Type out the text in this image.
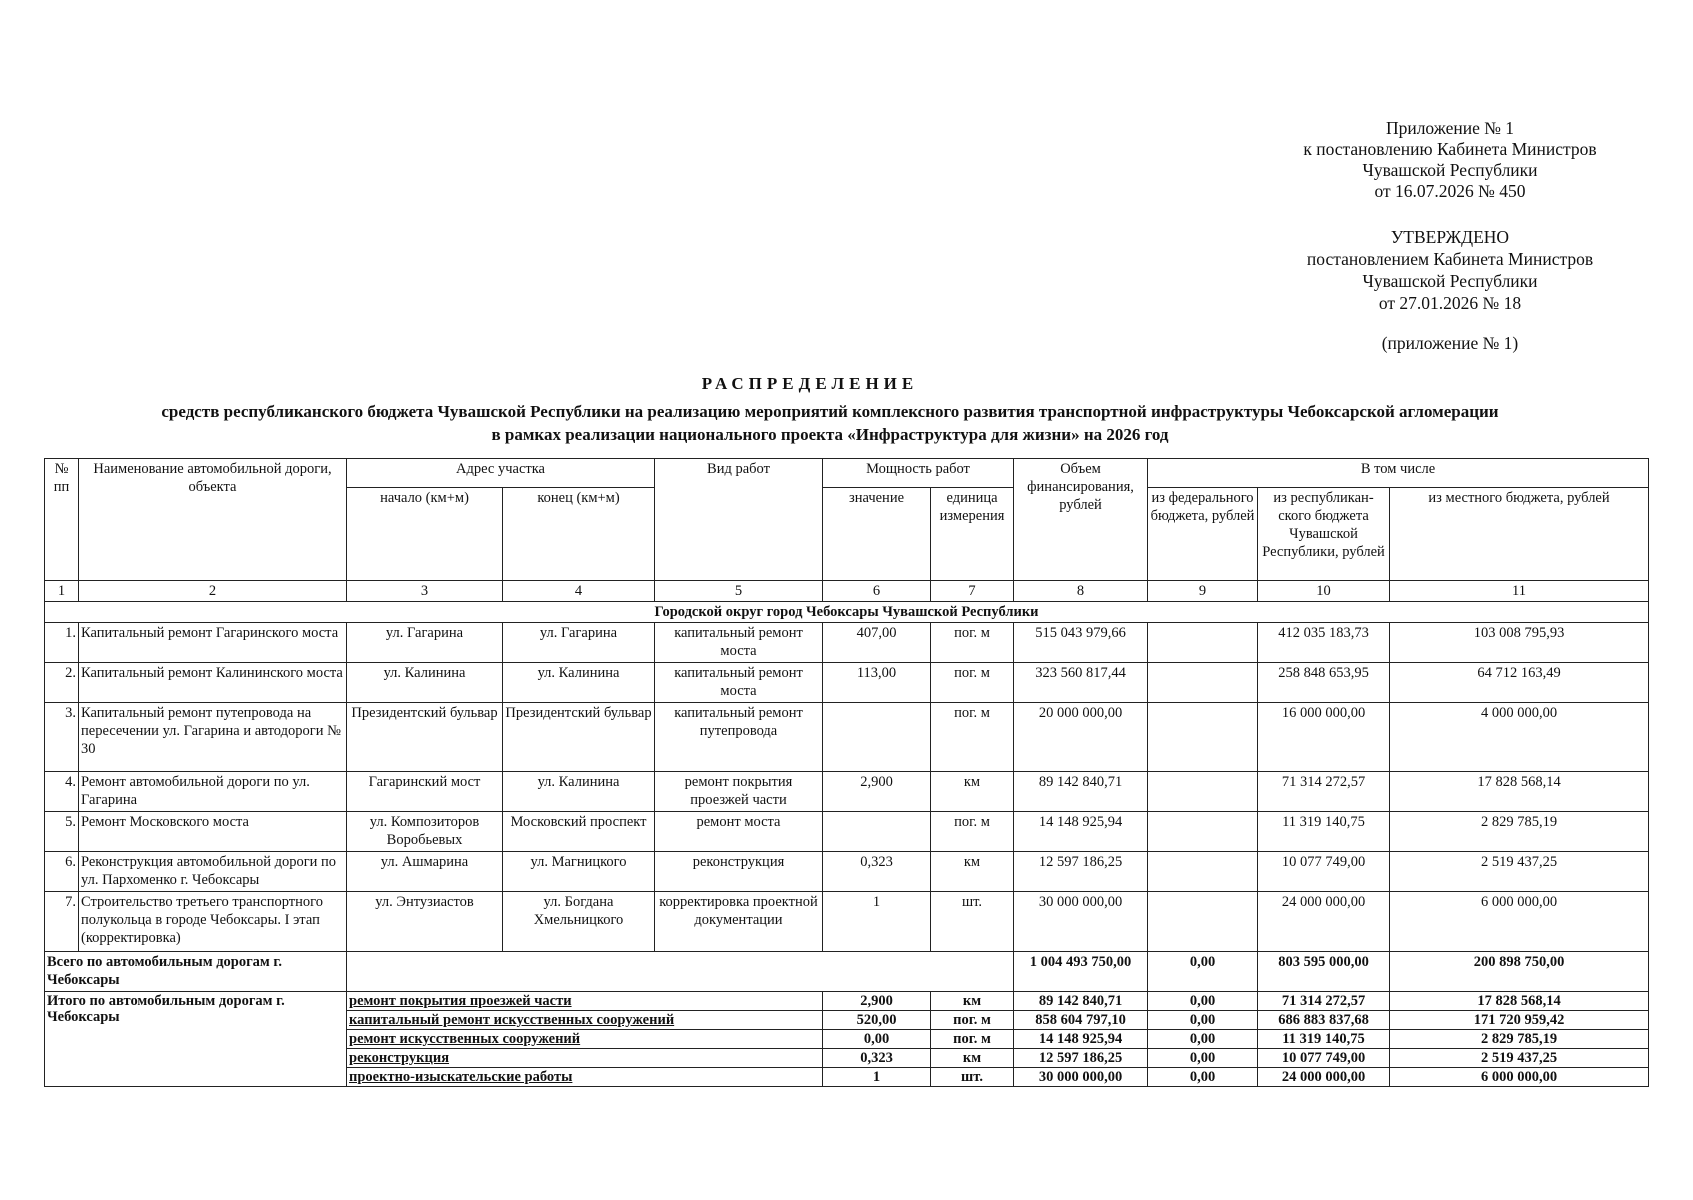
Приложение № 1
к постановлению Кабинета Министров
Чувашской Республики
от 16.07.2026 № 450
УТВЕРЖДЕНО
постановлением Кабинета Министров
Чувашской Республики
от 27.01.2026 № 18
(приложение № 1)
РАСПРЕДЕЛЕНИЕ
средств республиканского бюджета Чувашской Республики на реализацию мероприятий комплексного развития транспортной инфраструктуры Чебоксарской агломерации
в рамках реализации национального проекта «Инфраструктура для жизни» на 2026 год
№ пп	Наименование автомобильной дороги, объекта	Адрес участка		Вид работ	Мощность работ		Объем финансирования, рублей	В том числе		
		начало (км+м)	конец (км+м)		значение	единица измерения		из федерального бюджета, рублей	из республикан-ского бюджета Чувашской Республики, рублей	из местного бюджета, рублей
1	2	3	4	5	6	7	8	9	10	11
Городской округ город Чебоксары Чувашской Республики										
1.	Капитальный ремонт Гагаринского моста	ул. Гагарина	ул. Гагарина	капитальный ремонт моста	407,00	пог. м	515 043 979,66		412 035 183,73	103 008 795,93
2.	Капитальный ремонт Калининского моста	ул. Калинина	ул. Калинина	капитальный ремонт моста	113,00	пог. м	323 560 817,44		258 848 653,95	64 712 163,49
3.	Капитальный ремонт путепровода на пересечении ул. Гагарина и автодороги № 30	Президентский бульвар	Президентский бульвар	капитальный ремонт путепровода		пог. м	20 000 000,00		16 000 000,00	4 000 000,00
4.	Ремонт автомобильной дороги по ул. Гагарина	Гагаринский мост	ул. Калинина	ремонт покрытия проезжей части	2,900	км	89 142 840,71		71 314 272,57	17 828 568,14
5.	Ремонт Московского моста	ул. Композиторов Воробьевых	Московский проспект	ремонт моста		пог. м	14 148 925,94		11 319 140,75	2 829 785,19
6.	Реконструкция автомобильной дороги по ул. Пархоменко г. Чебоксары	ул. Ашмарина	ул. Магницкого	реконструкция	0,323	км	12 597 186,25		10 077 749,00	2 519 437,25
7.	Строительство третьего транспортного полукольца в городе Чебоксары. I этап (корректировка)	ул. Энтузиастов	ул. Богдана Хмельницкого	корректировка проектной документации	1	шт.	30 000 000,00		24 000 000,00	6 000 000,00
Всего по автомобильным дорогам г. Чебоксары							1 004 493 750,00	0,00	803 595 000,00	200 898 750,00
Итого по автомобильным дорогам г. Чебоксары		ремонт покрытия проезжей части			2,900	км	89 142 840,71	0,00	71 314 272,57	17 828 568,14
		капитальный ремонт искусственных сооружений			520,00	пог. м	858 604 797,10	0,00	686 883 837,68	171 720 959,42
		ремонт искусственных сооружений			0,00	пог. м	14 148 925,94	0,00	11 319 140,75	2 829 785,19
		реконструкция			0,323	км	12 597 186,25	0,00	10 077 749,00	2 519 437,25
		проектно-изыскательские работы			1	шт.	30 000 000,00	0,00	24 000 000,00	6 000 000,00
